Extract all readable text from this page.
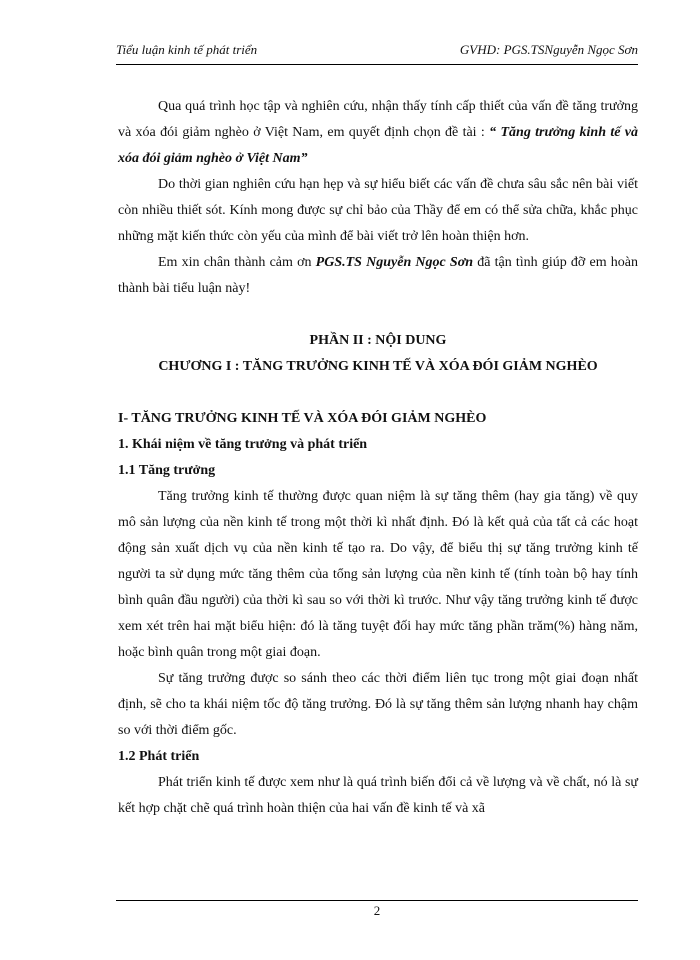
Tiểu luận kinh tế phát triển	GVHD: PGS.TSNguyễn Ngọc Sơn

Qua quá trình học tập và nghiên cứu, nhận thấy tính cấp thiết của vấn đề tăng trưởng và xóa đói giảm nghèo ở Việt Nam, em quyết định chọn đề tài : “ Tăng trưởng kinh tế và xóa đói giảm nghèo ở Việt Nam”

Do thời gian nghiên cứu hạn hẹp và sự hiểu biết các vấn đề chưa sâu sắc nên bài viết còn nhiều thiết sót. Kính mong được sự chỉ bảo của Thầy để em có thể sửa chữa, khắc phục những mặt kiến thức còn yếu của mình để bài viết trở lên hoàn thiện hơn.

Em xin chân thành cảm ơn PGS.TS Nguyễn Ngọc Sơn đã tận tình giúp đỡ em hoàn thành bài tiểu luận này!

PHẦN II : NỘI DUNG

CHƯƠNG I : TĂNG TRƯỞNG KINH TẾ VÀ XÓA ĐÓI GIẢM NGHÈO

I- TĂNG TRƯỞNG KINH TẾ VÀ XÓA ĐÓI GIẢM NGHÈO

1. Khái niệm về tăng trưởng và phát triển

1.1 Tăng trưởng

Tăng trưởng kinh tế thường được quan niệm là sự tăng thêm (hay gia tăng) về quy mô sản lượng của nền kinh tế trong một thời kì nhất định. Đó là kết quả của tất cả các hoạt động sản xuất dịch vụ của nền kinh tế tạo ra. Do vậy, để biểu thị sự tăng trưởng kinh tế người ta sử dụng mức tăng thêm của tổng sản lượng của nền kinh tế (tính toàn bộ hay tính bình quân đầu người) của thời kì sau so với thời kì trước. Như vậy tăng trưởng kinh tế được xem xét trên hai mặt biểu hiện: đó là tăng tuyệt đối hay mức tăng phần trăm(%) hàng năm, hoặc bình quân trong một giai đoạn.

Sự tăng trưởng được so sánh theo các thời điểm liên tục trong một giai đoạn nhất định, sẽ cho ta khái niệm tốc độ tăng trưởng. Đó là sự tăng thêm sản lượng nhanh hay chậm so với thời điểm gốc.

1.2 Phát triển

Phát triển kinh tế được xem như là quá trình biến đổi cả về lượng và về chất, nó là sự kết hợp chặt chẽ quá trình hoàn thiện của hai vấn đề kinh tế và xã

2
